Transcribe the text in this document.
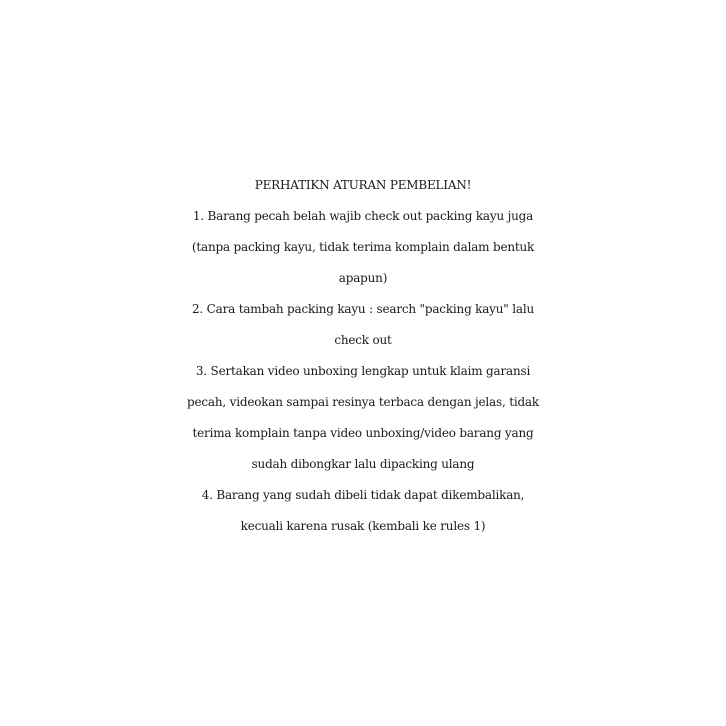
PERHATIKN ATURAN PEMBELIAN!
1. Barang pecah belah wajib check out packing kayu juga
(tanpa packing kayu, tidak terima komplain dalam bentuk
apapun)
2. Cara tambah packing kayu : search "packing kayu" lalu
check out
3. Sertakan video unboxing lengkap untuk klaim garansi
pecah, videokan sampai resinya terbaca dengan jelas, tidak
terima komplain tanpa video unboxing/video barang yang
sudah dibongkar lalu dipacking ulang
4. Barang yang sudah dibeli tidak dapat dikembalikan,
kecuali karena rusak (kembali ke rules 1)
